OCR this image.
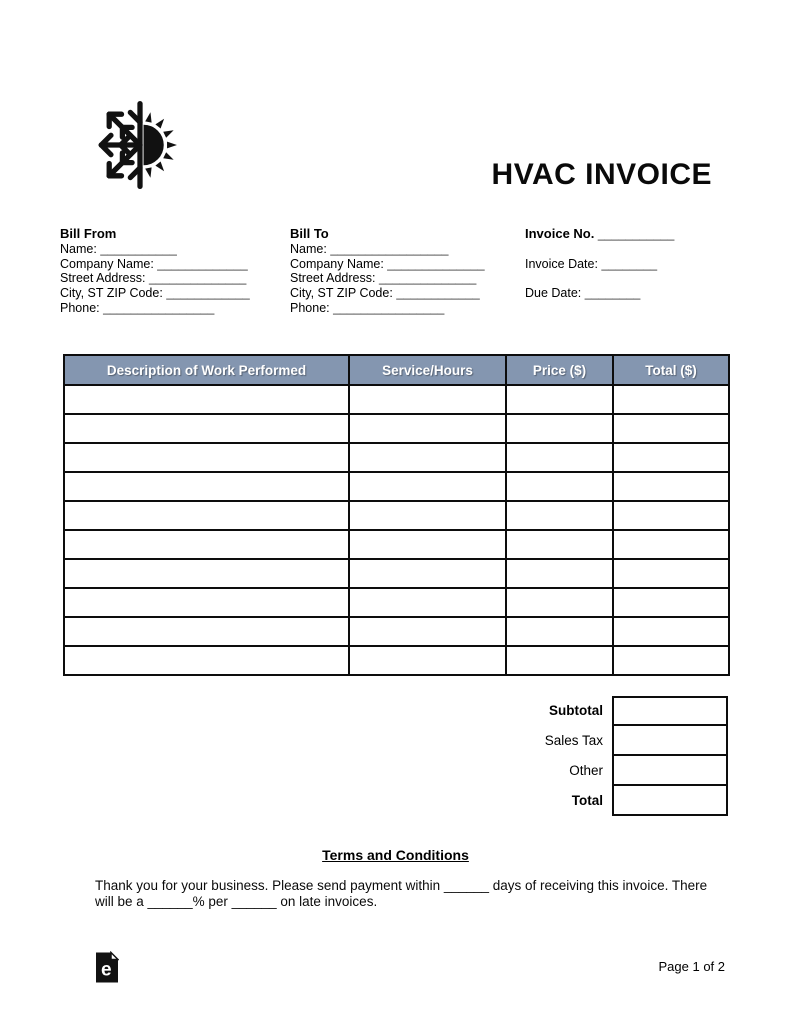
HVAC INVOICE
Bill From
Name: ___________
Company Name: _____________
Street Address: ______________
City, ST ZIP Code: ____________
Phone: ________________
Bill To
Name: _________________
Company Name: ______________
Street Address: ______________
City, ST ZIP Code: ____________
Phone: ________________
Invoice No. ___________

Invoice Date: ________

Due Date: ________
Description of Work Performed	Service/Hours	Price ($)	Total ($)

Subtotal
Sales Tax
Other
Total
Terms and Conditions
Thank you for your business. Please send payment within ______ days of receiving this invoice. There will be a ______% per ______ on late invoices.
e	Page 1 of 2
